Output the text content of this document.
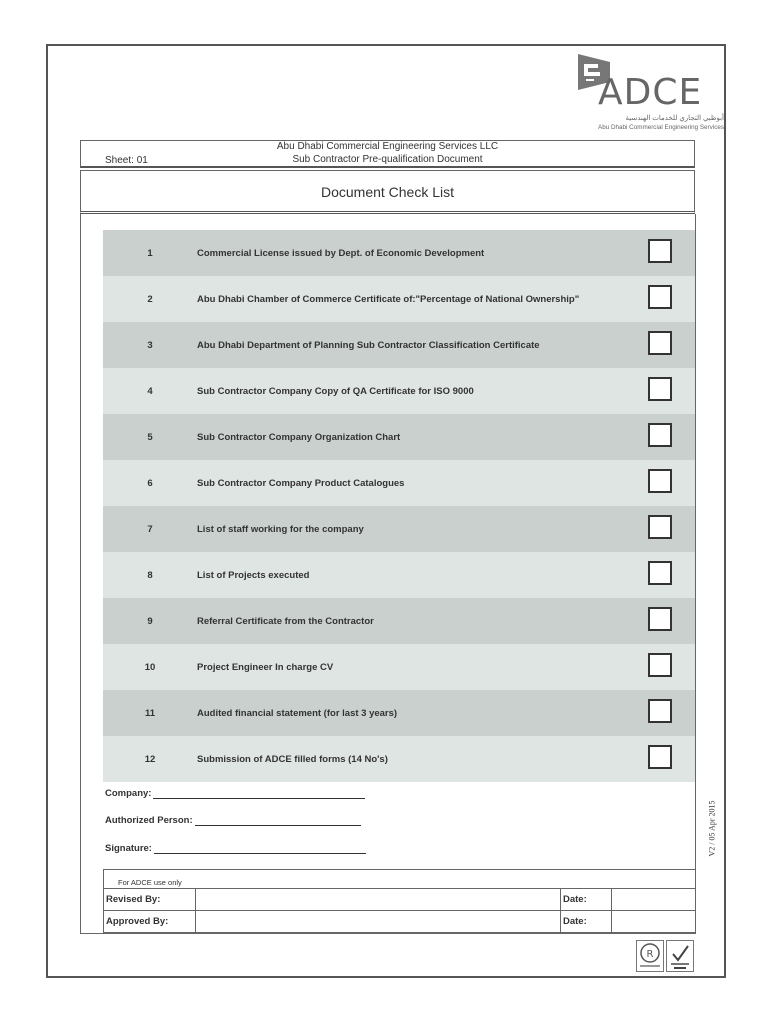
ADCE
أبوظبي التجاري للخدمات الهندسية
Abu Dhabi Commercial Engineering Services
Abu Dhabi Commercial Engineering Services LLC
Sub Contractor Pre-qualification Document
Sheet: 01
Document Check List
1	Commercial License issued by Dept. of Economic Development
2	Abu Dhabi Chamber of Commerce Certificate of:"Percentage of National Ownership"
3	Abu Dhabi Department of Planning Sub Contractor Classification Certificate
4	Sub Contractor Company Copy of QA Certificate for ISO 9000
5	Sub Contractor Company Organization Chart
6	Sub Contractor Company Product Catalogues
7	List of staff working for the company
8	List of Projects executed
9	Referral Certificate from the Contractor
10	Project Engineer In charge CV
11	Audited financial statement (for last 3 years)
12	Submission of ADCE filled forms (14 No's)
Company:
Authorized Person:
Signature:	V2 / 05 Apr 2015
For ADCE use only
Revised By:		Date:	
Approved By:		Date:	
R
